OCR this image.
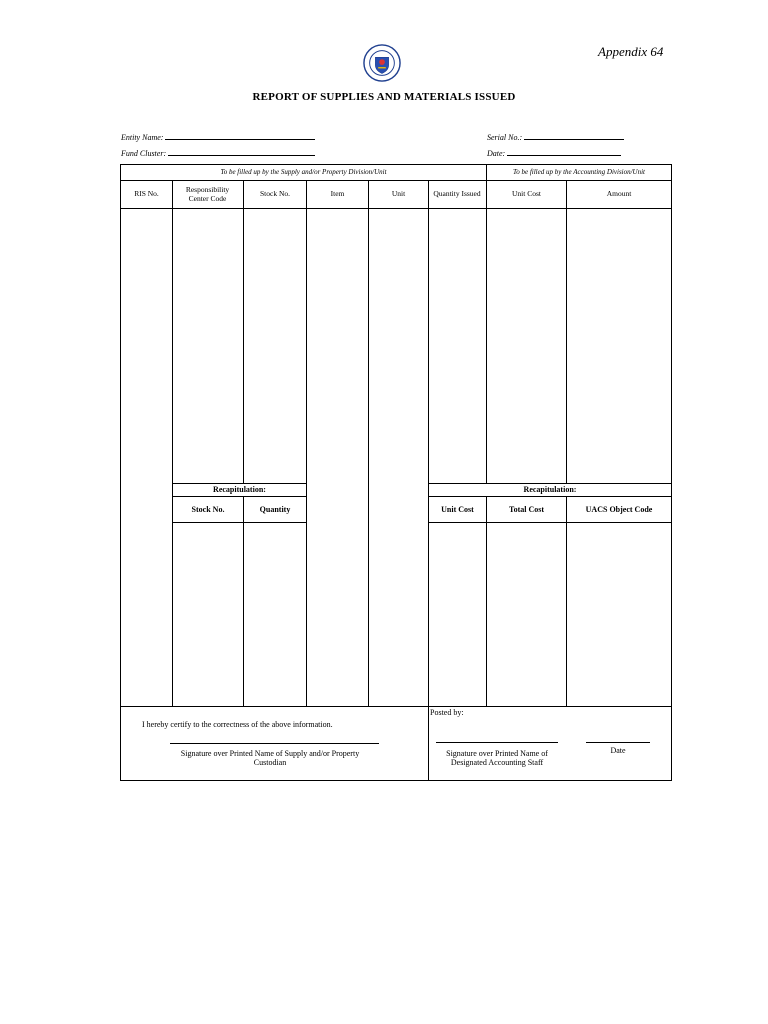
Appendix 64
REPORT OF SUPPLIES AND MATERIALS ISSUED
Entity Name:
Fund Cluster:
Serial No.:
Date:
To be filled up by the Supply and/or Property Division/Unit	To be filled up by the Accounting Division/Unit
RIS No.	Responsibility Center Code	Stock No.	Item	Unit	Quantity Issued	Unit Cost	Amount
Recapitulation:
Stock No.	Quantity
Recapitulation:
Unit Cost	Total Cost	UACS Object Code
I hereby certify to the correctness of the above information.
Signature over Printed Name of Supply and/or Property Custodian
Posted by:
Signature over Printed Name of Designated Accounting Staff
Date
